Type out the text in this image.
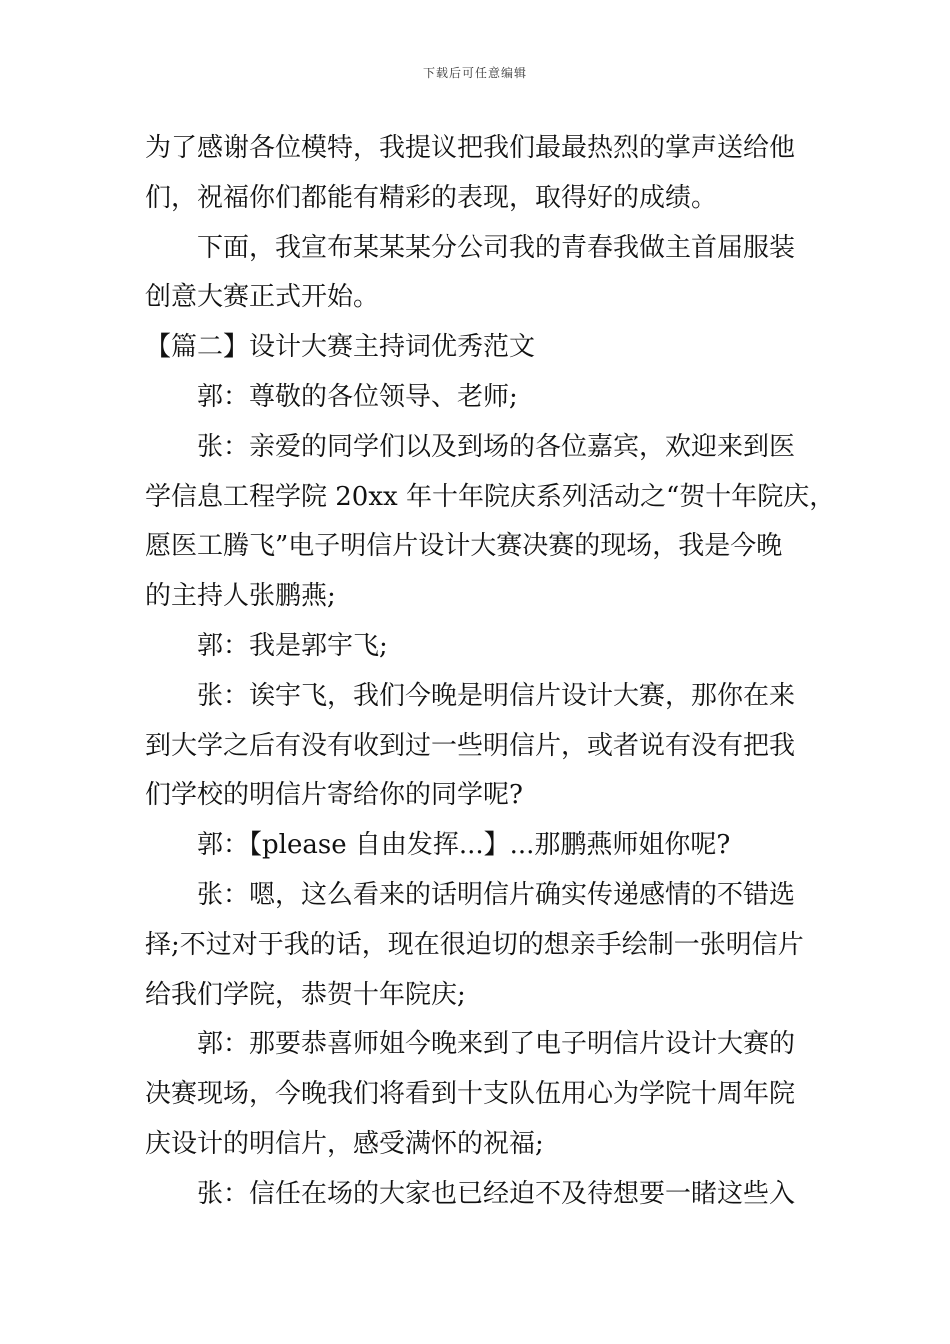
下载后可任意编辑
为了感谢各位模特，我提议把我们最最热烈的掌声送给他
们，祝福你们都能有精彩的表现，取得好的成绩。
下面，我宣布某某某分公司我的青春我做主首届服装
创意大赛正式开始。
【篇二】设计大赛主持词优秀范文
郭：尊敬的各位领导、老师;
张：亲爱的同学们以及到场的各位嘉宾，欢迎来到医
学信息工程学院 20xx 年十年院庆系列活动之“贺十年院庆，
愿医工腾飞”电子明信片设计大赛决赛的现场，我是今晚
的主持人张鹏燕;
郭：我是郭宇飞;
张：诶宇飞，我们今晚是明信片设计大赛，那你在来
到大学之后有没有收到过一些明信片，或者说有没有把我
们学校的明信片寄给你的同学呢?
郭：【please 自由发挥...】...那鹏燕师姐你呢?
张：嗯，这么看来的话明信片确实传递感情的不错选
择;不过对于我的话，现在很迫切的想亲手绘制一张明信片
给我们学院，恭贺十年院庆;
郭：那要恭喜师姐今晚来到了电子明信片设计大赛的
决赛现场，今晚我们将看到十支队伍用心为学院十周年院
庆设计的明信片，感受满怀的祝福;
张：信任在场的大家也已经迫不及待想要一睹这些入
